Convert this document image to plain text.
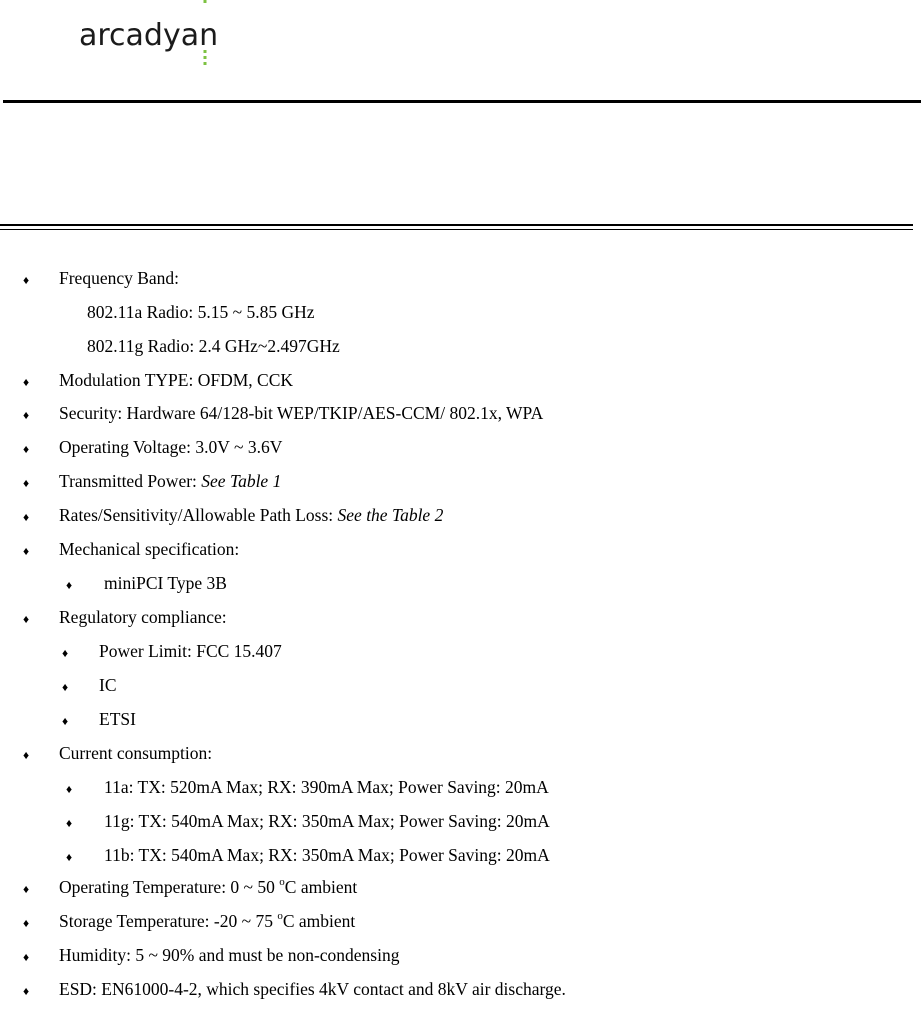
arcadyan
♦ Frequency Band:
802.11a Radio: 5.15 ~ 5.85 GHz
802.11g Radio: 2.4 GHz~2.497GHz
♦ Modulation TYPE: OFDM, CCK
♦ Security: Hardware 64/128-bit WEP/TKIP/AES-CCM/ 802.1x, WPA
♦ Operating Voltage: 3.0V ~ 3.6V
♦ Transmitted Power: See Table 1
♦ Rates/Sensitivity/Allowable Path Loss: See the Table 2
♦ Mechanical specification:
♦ miniPCI Type 3B
♦ Regulatory compliance:
♦ Power Limit: FCC 15.407
♦ IC
♦ ETSI
♦ Current consumption:
♦ 11a: TX: 520mA Max; RX: 390mA Max; Power Saving: 20mA
♦ 11g: TX: 540mA Max; RX: 350mA Max; Power Saving: 20mA
♦ 11b: TX: 540mA Max; RX: 350mA Max; Power Saving: 20mA
♦ Operating Temperature: 0 ~ 50 $^o$C ambient
♦ Storage Temperature: -20 ~ 75 $^o$C ambient
♦ Humidity: 5 ~ 90% and must be non-condensing
♦ ESD: EN61000-4-2, which specifies 4kV contact and 8kV air discharge.
